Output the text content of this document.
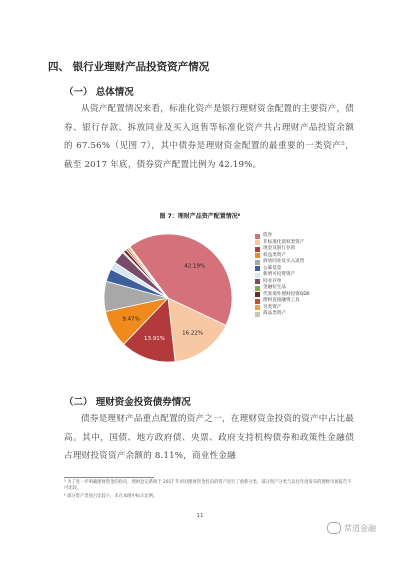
四、 银行业理财产品投资资产情况
（一） 总体情况
从资产配置情况来看，标准化资产是银行理财资金配置的主要资产，债券、银行存款、拆放同业及买入返售等标准化资产共占理财产品投资余额的 67.56%（见图 7），其中债券是理财资金配置的最重要的一类资产⁵，截至 2017 年底，债券资产配置比例为 42.19%。
图 7：理财产品资产配置情况⁶
42.19%
16.22%
13.91%
9.47%
债券
非标准化债权类资产
现金及银行存款
权益类资产
拆放同业及买入返售
公募基金
新增可投资资产
同业存单
金融衍生品
代客境外理财投资QDII
理财直接融资工具
另类资产
商品类资产
（二） 理财资金投资债券情况
债券是理财产品重点配置的资产之一，在理财资金投资的资产中占比最高。其中，国债、地方政府债、央票、政府支持机构债券和政策性金融债占理财投资资产余额的 8.11%，商业性金融
⁵ 为了进一步明确理财资金的投向，理财登记系统于 2017 年初对理财资金投向的资产进行了重新分类，部分资产分类与以往年度发布的理财市场报告不可比较。
⁶ 部分资产类别占比较小，未在本图中标示比例。
11
常道金融
